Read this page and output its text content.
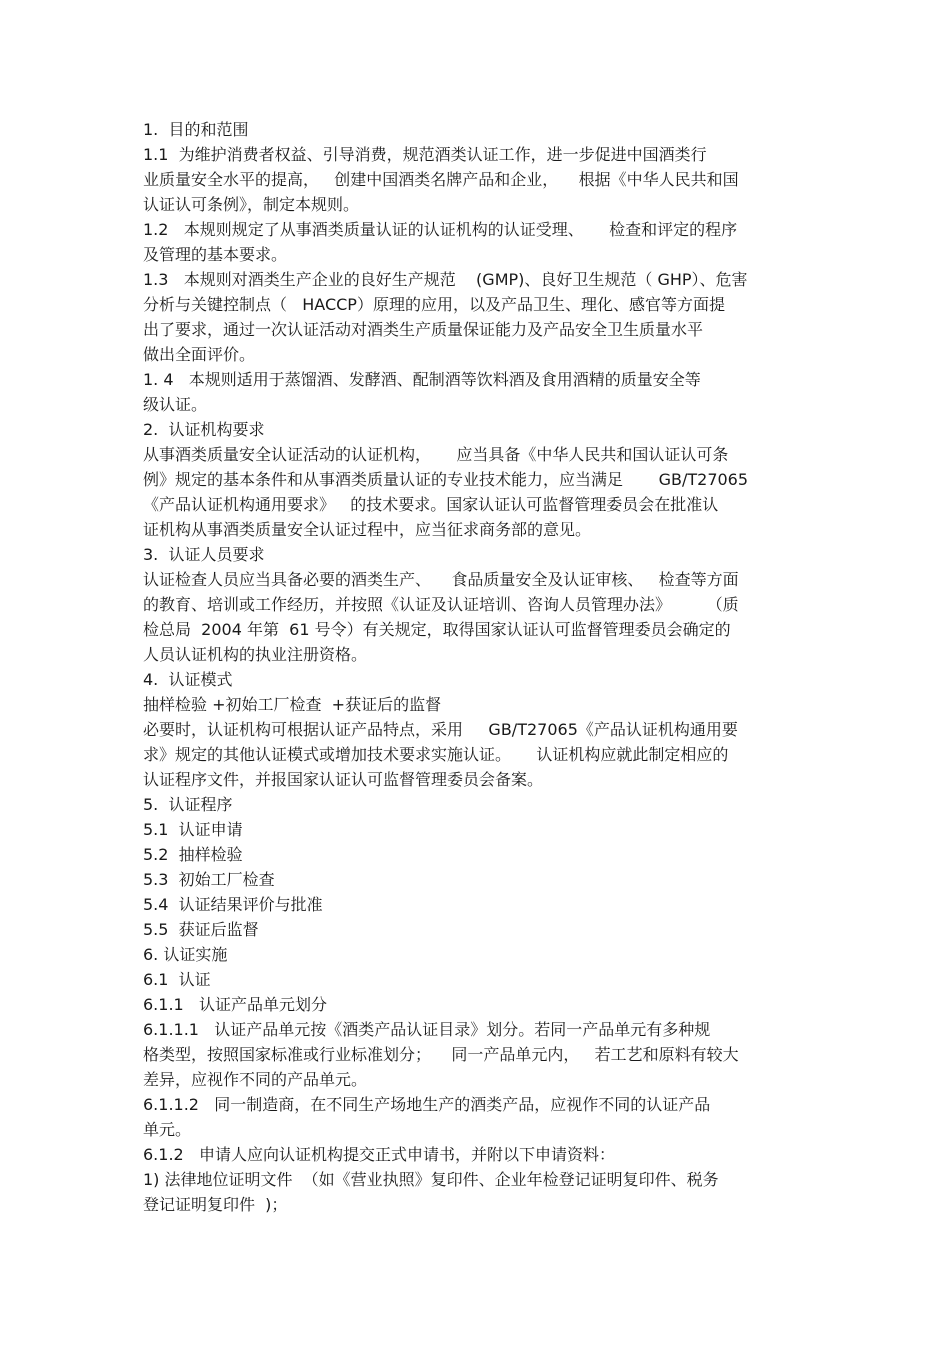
1.  目的和范围
1.1  为维护消费者权益、引导消费，规范酒类认证工作，进一步促进中国酒类行
业质量安全水平的提高，   创建中国酒类名牌产品和企业，    根据《中华人民共和国
认证认可条例》，制定本规则。
1.2   本规则规定了从事酒类质量认证的认证机构的认证受理、     检查和评定的程序
及管理的基本要求。
1.3   本规则对酒类生产企业的良好生产规范    (GMP)、良好卫生规范（ GHP）、危害
分析与关键控制点（   HACCP）原理的应用，以及产品卫生、理化、感官等方面提
出了要求，通过一次认证活动对酒类生产质量保证能力及产品安全卫生质量水平
做出全面评价。
1. 4   本规则适用于蒸馏酒、发酵酒、配制酒等饮料酒及食用酒精的质量安全等
级认证。
2.  认证机构要求
从事酒类质量安全认证活动的认证机构，     应当具备《中华人民共和国认证认可条
例》规定的基本条件和从事酒类质量认证的专业技术能力，应当满足       GB/T27065
《产品认证机构通用要求》   的技术要求。国家认证认可监督管理委员会在批准认
证机构从事酒类质量安全认证过程中，应当征求商务部的意见。
3.  认证人员要求
认证检查人员应当具备必要的酒类生产、    食品质量安全及认证审核、   检查等方面
的教育、培训或工作经历，并按照《认证及认证培训、咨询人员管理办法》       （质
检总局  2004 年第  61 号令）有关规定，取得国家认证认可监督管理委员会确定的
人员认证机构的执业注册资格。
4.  认证模式
抽样检验 +初始工厂检查  +获证后的监督
必要时，认证机构可根据认证产品特点，采用     GB/T27065《产品认证机构通用要
求》规定的其他认证模式或增加技术要求实施认证。     认证机构应就此制定相应的
认证程序文件，并报国家认证认可监督管理委员会备案。
5.  认证程序
5.1  认证申请
5.2  抽样检验
5.3  初始工厂检查
5.4  认证结果评价与批准
5.5  获证后监督
6. 认证实施
6.1  认证
6.1.1   认证产品单元划分
6.1.1.1   认证产品单元按《酒类产品认证目录》划分。若同一产品单元有多种规
格类型，按照国家标准或行业标准划分；    同一产品单元内，   若工艺和原料有较大
差异，应视作不同的产品单元。
6.1.1.2   同一制造商，在不同生产场地生产的酒类产品，应视作不同的认证产品
单元。
6.1.2   申请人应向认证机构提交正式申请书，并附以下申请资料：
1) 法律地位证明文件  （如《营业执照》复印件、企业年检登记证明复印件、税务
登记证明复印件  )；
